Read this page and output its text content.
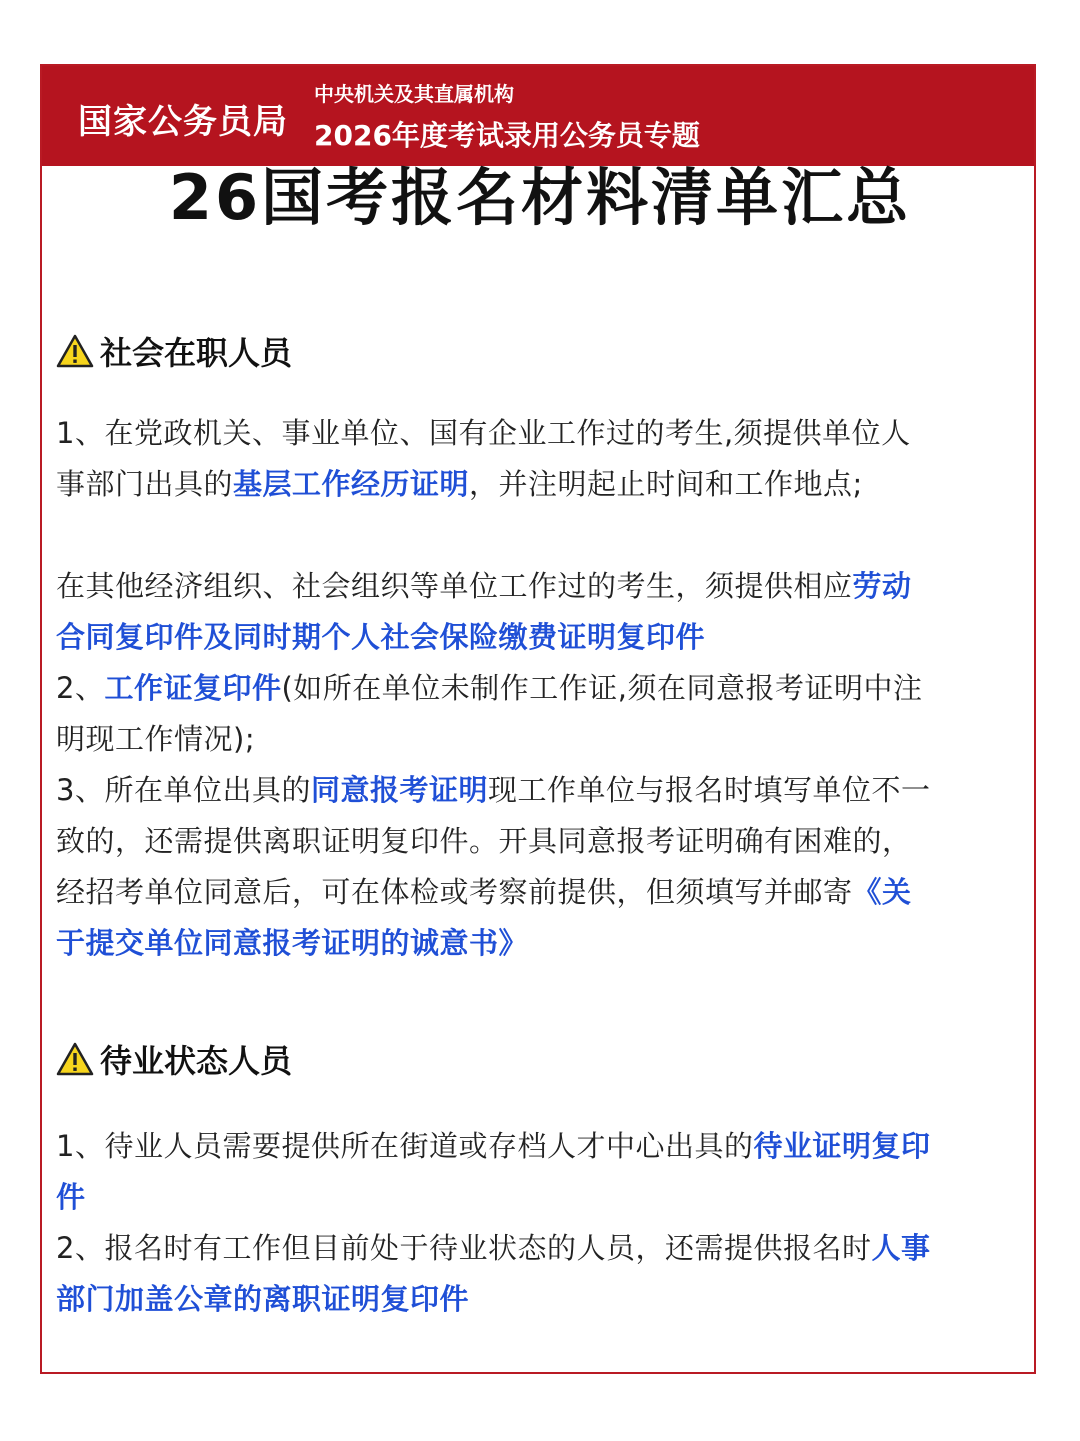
国家公务员局
中央机关及其直属机构
2026年度考试录用公务员专题
26国考报名材料清单汇总
社会在职人员
1、在党政机关、事业单位、国有企业工作过的考生,须提供单位人事部门出具的基层工作经历证明，并注明起止时间和工作地点;
在其他经济组织、社会组织等单位工作过的考生，须提供相应劳动合同复印件及同时期个人社会保险缴费证明复印件
2、工作证复印件(如所在单位未制作工作证,须在同意报考证明中注明现工作情况);
3、所在单位出具的同意报考证明现工作单位与报名时填写单位不一致的，还需提供离职证明复印件。开具同意报考证明确有困难的，经招考单位同意后，可在体检或考察前提供，但须填写并邮寄《关于提交单位同意报考证明的诚意书》
待业状态人员
1、待业人员需要提供所在街道或存档人才中心出具的待业证明复印件
2、报名时有工作但目前处于待业状态的人员，还需提供报名时人事部门加盖公章的离职证明复印件
